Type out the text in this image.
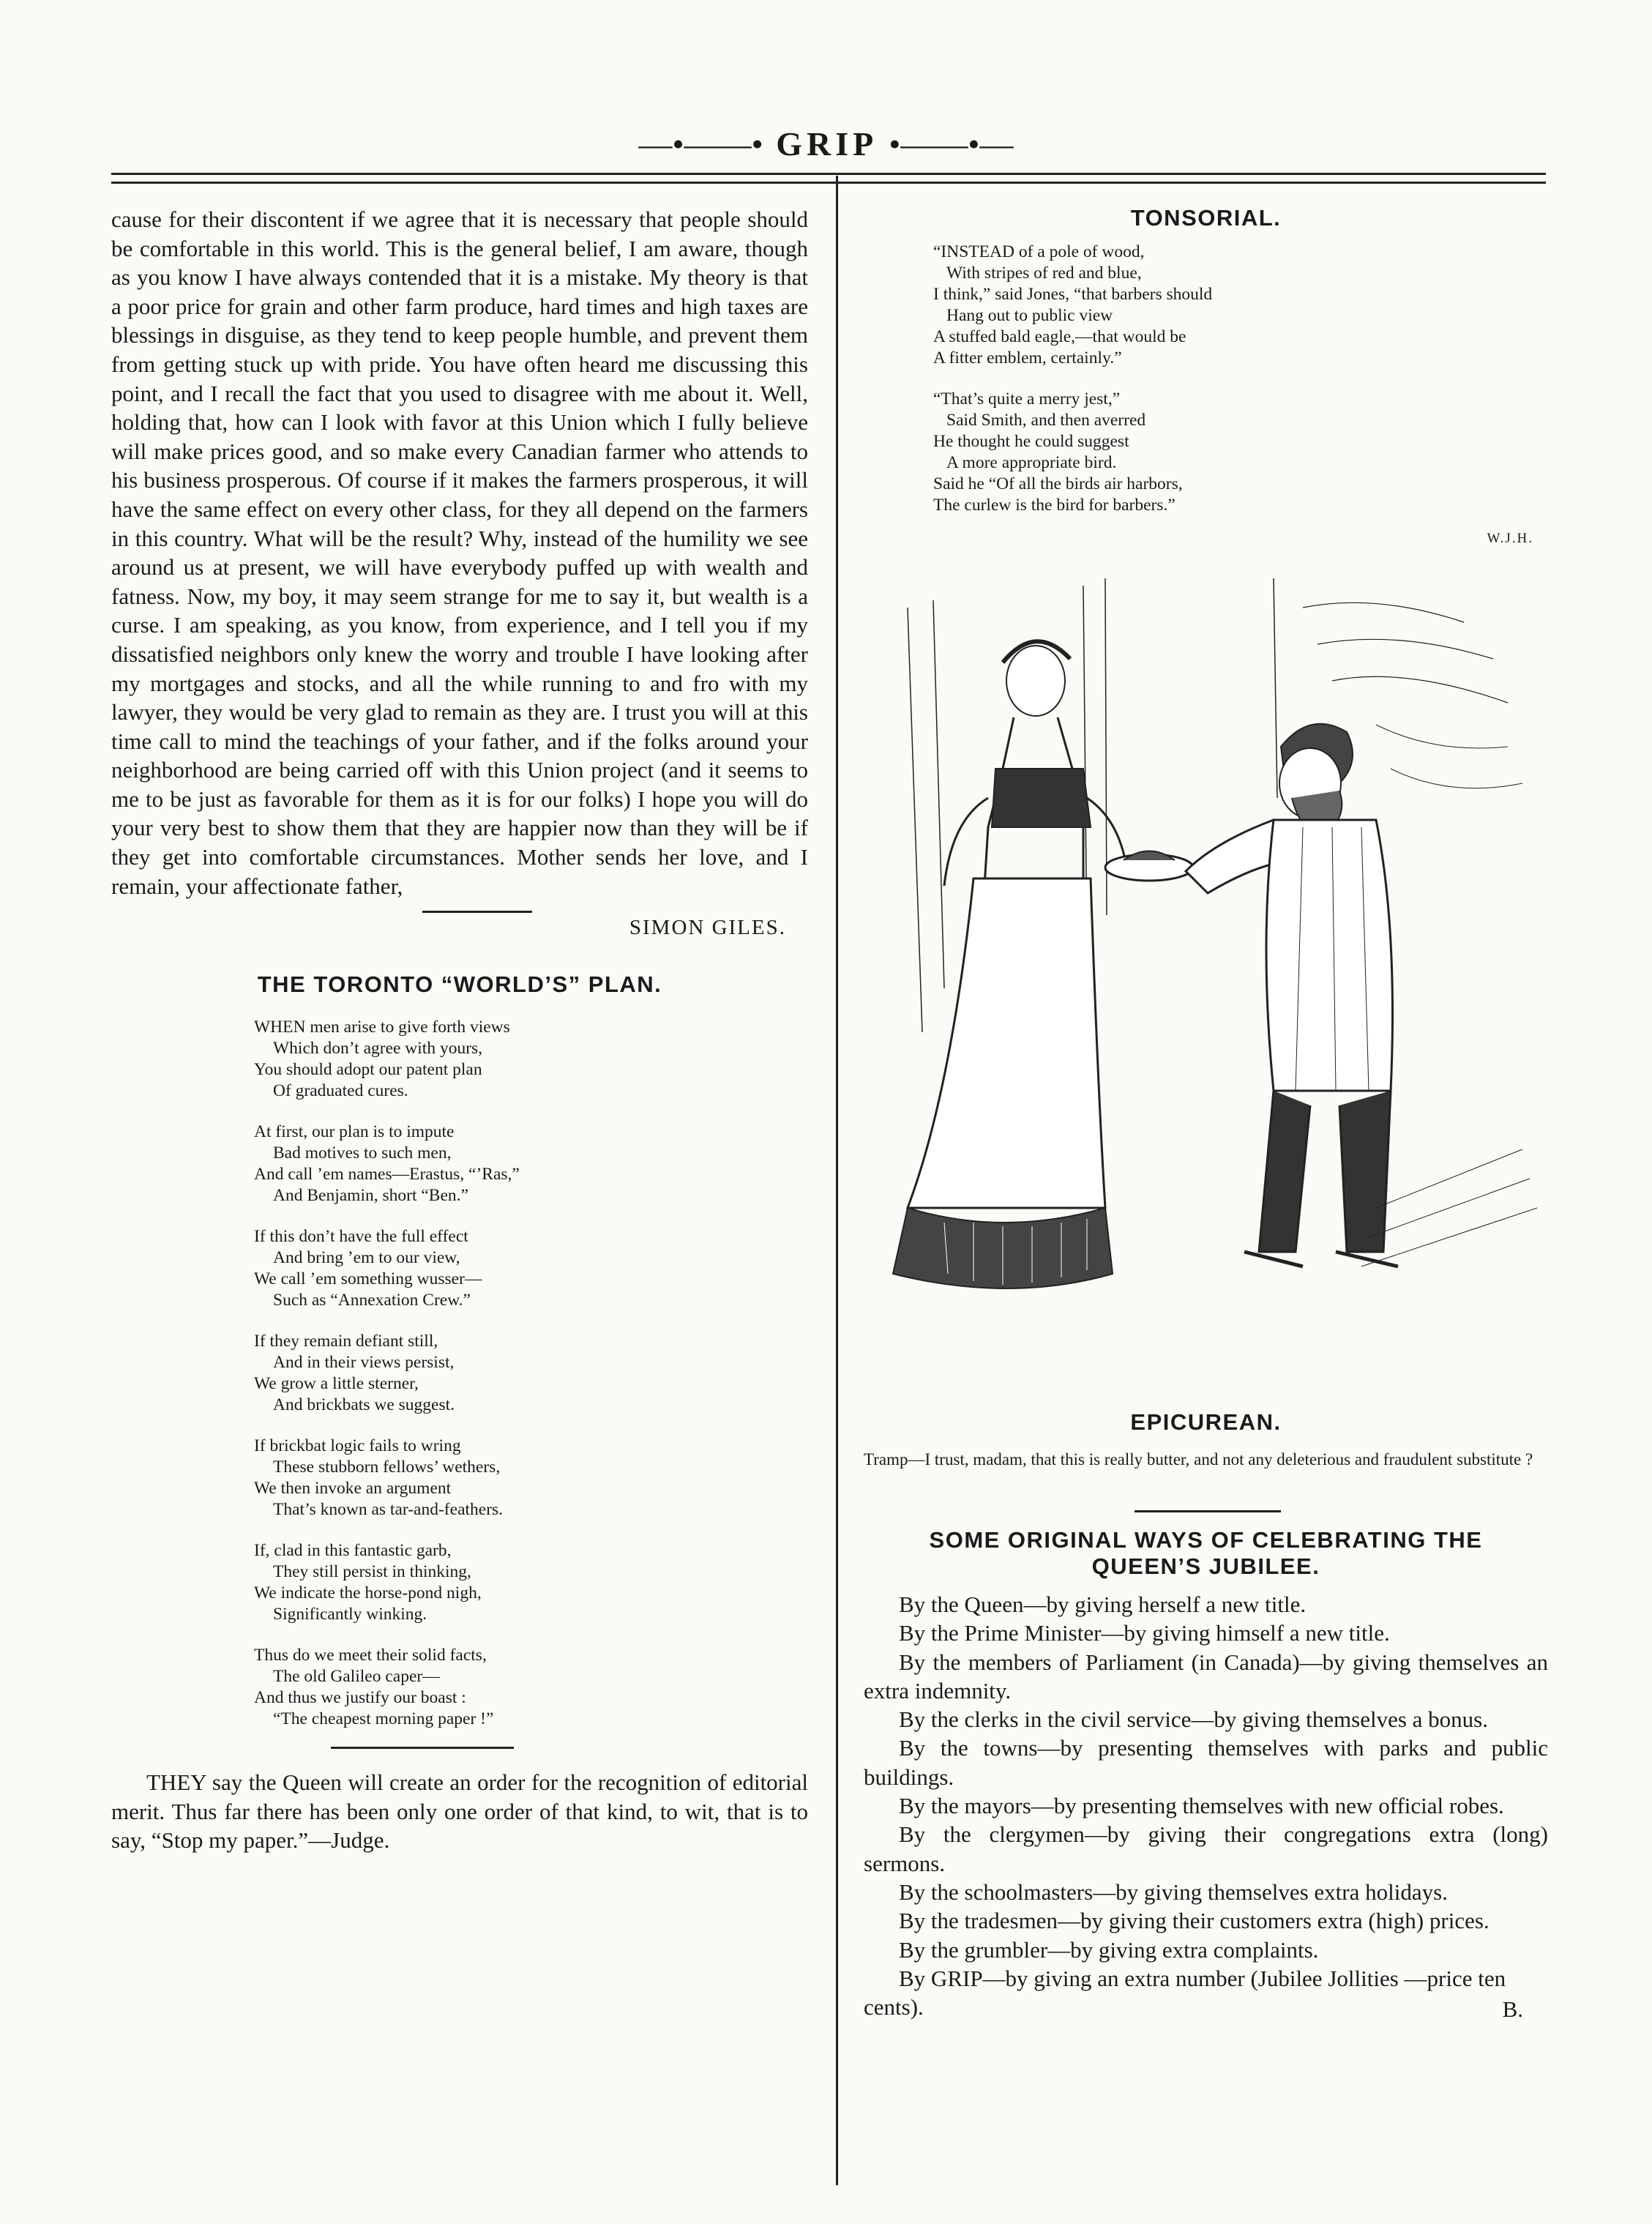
—•——• GRIP •——•—

cause for their discontent if we agree that it is necessary that people should be comfortable in this world. This is the general belief, I am aware, though as you know I have always contended that it is a mistake. My theory is that a poor price for grain and other farm produce, hard times and high taxes are blessings in disguise, as they tend to keep people humble, and prevent them from getting stuck up with pride. You have often heard me discussing this point, and I recall the fact that you used to disagree with me about it. Well, holding that, how can I look with favor at this Union which I fully believe will make prices good, and so make every Canadian farmer who attends to his business prosperous. Of course if it makes the farmers prosperous, it will have the same effect on every other class, for they all depend on the farmers in this country. What will be the result? Why, instead of the humility we see around us at present, we will have everybody puffed up with wealth and fatness. Now, my boy, it may seem strange for me to say it, but wealth is a curse. I am speaking, as you know, from experience, and I tell you if my dissatisfied neighbors only knew the worry and trouble I have looking after my mortgages and stocks, and all the while running to and fro with my lawyer, they would be very glad to remain as they are. I trust you will at this time call to mind the teachings of your father, and if the folks around your neighborhood are being carried off with this Union project (and it seems to me to be just as favorable for them as it is for our folks) I hope you will do your very best to show them that they are happier now than they will be if they get into comfortable circumstances. Mother sends her love, and I remain, your affectionate father,

SIMON GILES.

THE TORONTO “WORLD’S” PLAN.
WHEN men arise to give forth views
Which don’t agree with yours,
You should adopt our patent plan
Of graduated cures.
At first, our plan is to impute
Bad motives to such men,
And call ’em names—Erastus, “’Ras,”
And Benjamin, short “Ben.”
If this don’t have the full effect
And bring ’em to our view,
We call ’em something wusser—
Such as “Annexation Crew.”
If they remain defiant still,
And in their views persist,
We grow a little sterner,
And brickbats we suggest.
If brickbat logic fails to wring
These stubborn fellows’ wethers,
We then invoke an argument
That’s known as tar-and-feathers.
If, clad in this fantastic garb,
They still persist in thinking,
We indicate the horse-pond nigh,
Significantly winking.
Thus do we meet their solid facts,
The old Galileo caper—
And thus we justify our boast :
“The cheapest morning paper !”

THEY say the Queen will create an order for the recognition of editorial merit. Thus far there has been only one order of that kind, to wit, that is to say, “Stop my paper.”—Judge.

TONSORIAL.
“INSTEAD of a pole of wood,
With stripes of red and blue,
I think,” said Jones, “that barbers should
Hang out to public view
A stuffed bald eagle,—that would be
A fitter emblem, certainly.”
“That’s quite a merry jest,”
Said Smith, and then averred
He thought he could suggest
A more appropriate bird.
Said he “Of all the birds air harbors,
The curlew is the bird for barbers.”
W.J.H.
EPICUREAN.

Tramp—I trust, madam, that this is really butter, and not any deleterious and fraudulent substitute ?

SOME ORIGINAL WAYS OF CELEBRATING THE
QUEEN’S JUBILEE.

By the Queen—by giving herself a new title.

By the Prime Minister—by giving himself a new title.

By the members of Parliament (in Canada)—by giving themselves an extra indemnity.

By the clerks in the civil service—by giving themselves a bonus.

By the towns—by presenting themselves with parks and public buildings.

By the mayors—by presenting themselves with new official robes.

By the clergymen—by giving their congregations extra (long) sermons.

By the schoolmasters—by giving themselves extra holidays.

By the tradesmen—by giving their customers extra (high) prices.

By the grumbler—by giving extra complaints.

By GRIP—by giving an extra number (Jubilee Jollities —price ten cents).	B.
